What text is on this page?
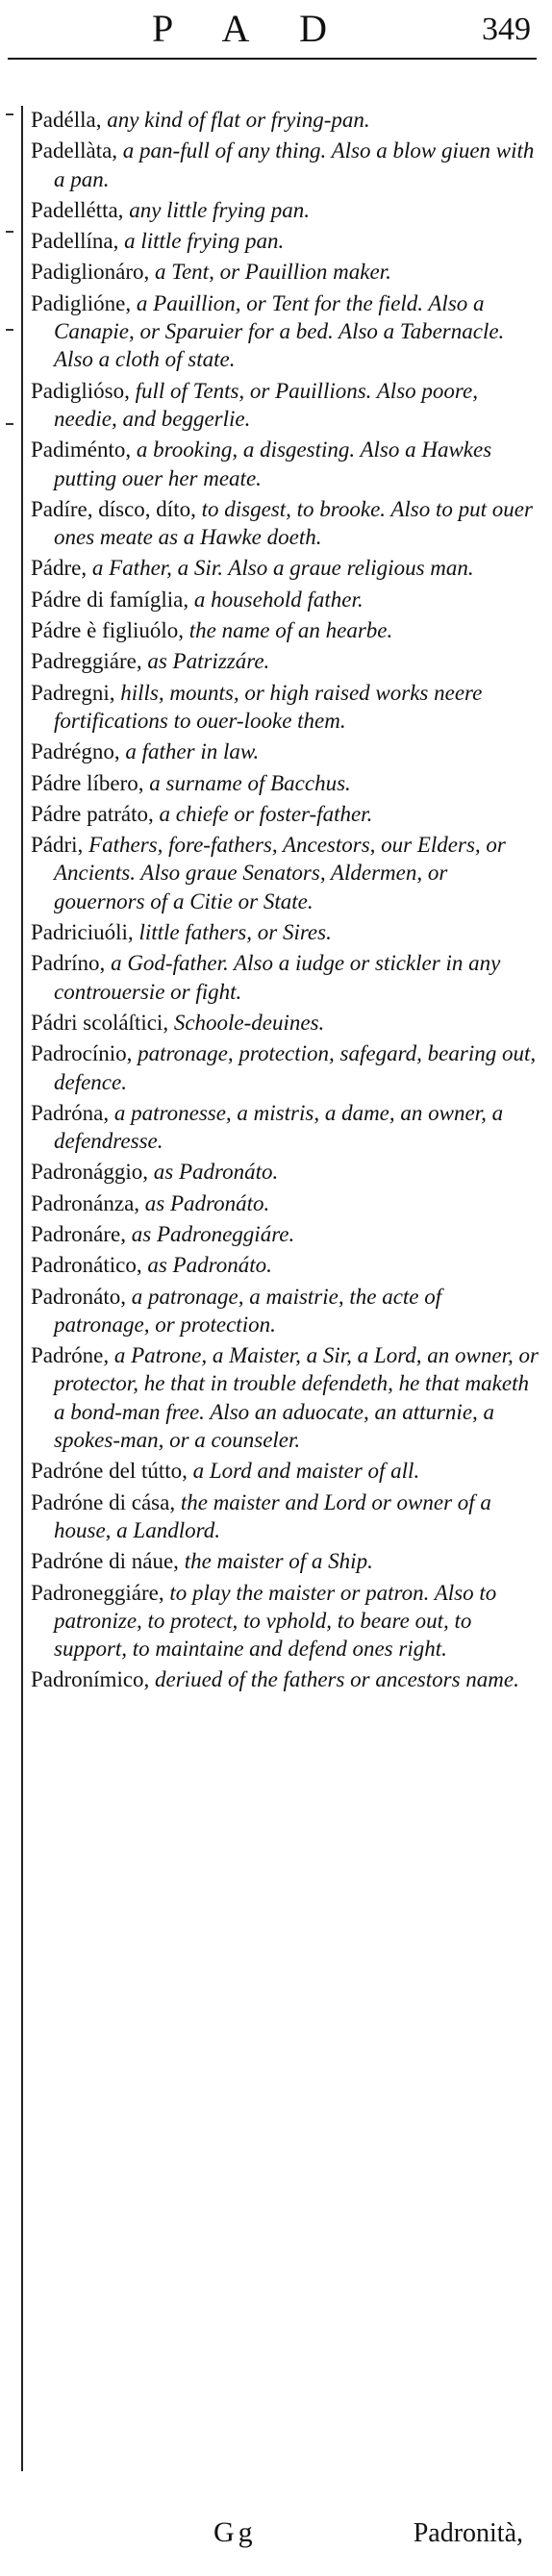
P A D	349

Padélla, any kind of flat or frying-pan.

Padellàta, a pan-full of any thing. Also a blow giuen with a pan.

Padellétta, any little frying pan.

Padellína, a little frying pan.

Padiglionáro, a Tent, or Pauillion maker.

Padiglióne, a Pauillion, or Tent for the field. Also a Canapie, or Sparuier for a bed. Also a Tabernacle. Also a cloth of state.

Padiglióso, full of Tents, or Pauillions. Also poore, needie, and beggerlie.

Padiménto, a brooking, a disgesting. Also a Hawkes putting ouer her meate.

Padíre, dísco, díto, to disgest, to brooke. Also to put ouer ones meate as a Hawke doeth.

Pádre, a Father, a Sir. Also a graue religious man.

Pádre di famíglia, a household father.

Pádre è figliuólo, the name of an hearbe.

Padreggiáre, as Patrizzáre.

Padregni, hills, mounts, or high raised works neere fortifications to ouer-looke them.

Padrégno, a father in law.

Pádre líbero, a surname of Bacchus.

Pádre patráto, a chiefe or foster-father.

Pádri, Fathers, fore-fathers, Ancestors, our Elders, or Ancients. Also graue Senators, Aldermen, or gouernors of a Citie or State.

Padriciuóli, little fathers, or Sires.

Padríno, a God-father. Also a iudge or stickler in any controuersie or fight.

Pádri scoláſtici, Schoole-deuines.

Padrocínio, patronage, protection, safegard, bearing out, defence.

Padróna, a patronesse, a mistris, a dame, an owner, a defendresse.

Padronággio, as Padronáto.

Padronánza, as Padronáto.

Padronáre, as Padroneggiáre.

Padronático, as Padronáto.

Padronáto, a patronage, a maistrie, the acte of patronage, or protection.

Padróne, a Patrone, a Maister, a Sir, a Lord, an owner, or protector, he that in trouble defendeth, he that maketh a bond-man free. Also an aduocate, an atturnie, a spokes-man, or a counseler.

Padróne del tútto, a Lord and maister of all.

Padróne di cása, the maister and Lord or owner of a house, a Landlord.

Padróne di náue, the maister of a Ship.

Padroneggiáre, to play the maister or patron. Also to patronize, to protect, to vphold, to beare out, to support, to maintaine and defend ones right.

Padronímico, deriued of the fathers or ancestors name.

Gg	Padronità,
